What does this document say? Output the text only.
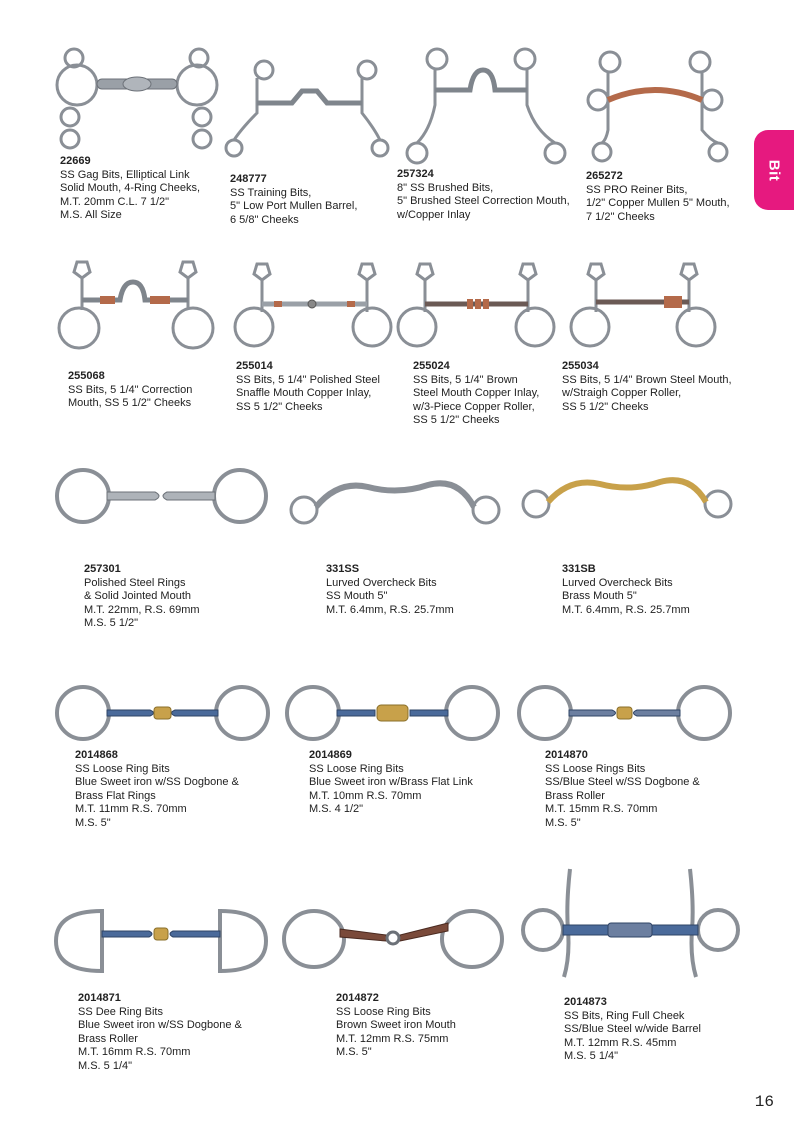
Bit
22669
SS Gag Bits, Elliptical Link
Solid Mouth, 4-Ring Cheeks,
M.T. 20mm C.L. 7 1/2"
M.S. All Size
248777
SS Training Bits,
5" Low Port Mullen Barrel,
6 5/8" Cheeks
257324
8" SS Brushed Bits,
5" Brushed Steel Correction Mouth,
w/Copper Inlay
265272
SS PRO Reiner Bits,
1/2" Copper Mullen 5" Mouth,
7 1/2" Cheeks
255068
SS Bits, 5 1/4" Correction
Mouth, SS 5 1/2" Cheeks
255014
SS Bits, 5 1/4" Polished Steel
Snaffle Mouth Copper Inlay,
SS 5 1/2" Cheeks
255024
SS Bits, 5 1/4" Brown
Steel Mouth Copper Inlay,
w/3-Piece Copper Roller,
SS 5 1/2" Cheeks
255034
SS Bits, 5 1/4" Brown Steel Mouth,
w/Straigh Copper Roller,
SS 5 1/2" Cheeks
257301
Polished Steel Rings
& Solid Jointed Mouth
M.T. 22mm, R.S. 69mm
M.S. 5 1/2"
331SS
Lurved Overcheck Bits
SS Mouth 5"
M.T. 6.4mm, R.S. 25.7mm
331SB
Lurved Overcheck Bits
Brass Mouth 5"
M.T. 6.4mm, R.S. 25.7mm
2014868
SS Loose Ring Bits
Blue Sweet iron w/SS Dogbone &
Brass Flat Rings
M.T. 11mm R.S. 70mm
M.S. 5"
2014869
SS Loose Ring Bits
Blue Sweet iron w/Brass Flat Link
M.T. 10mm R.S. 70mm
M.S. 4 1/2"
2014870
SS Loose Rings Bits
SS/Blue Steel w/SS Dogbone &
Brass Roller
M.T. 15mm R.S. 70mm
M.S. 5"
2014871
SS Dee Ring Bits
Blue Sweet iron w/SS Dogbone &
Brass Roller
M.T. 16mm R.S. 70mm
M.S. 5 1/4"
2014872
SS Loose Ring Bits
Brown Sweet iron Mouth
M.T. 12mm R.S. 75mm
M.S. 5"
2014873
SS Bits, Ring Full Cheek
SS/Blue Steel w/wide Barrel
M.T. 12mm R.S. 45mm
M.S. 5 1/4"
16
